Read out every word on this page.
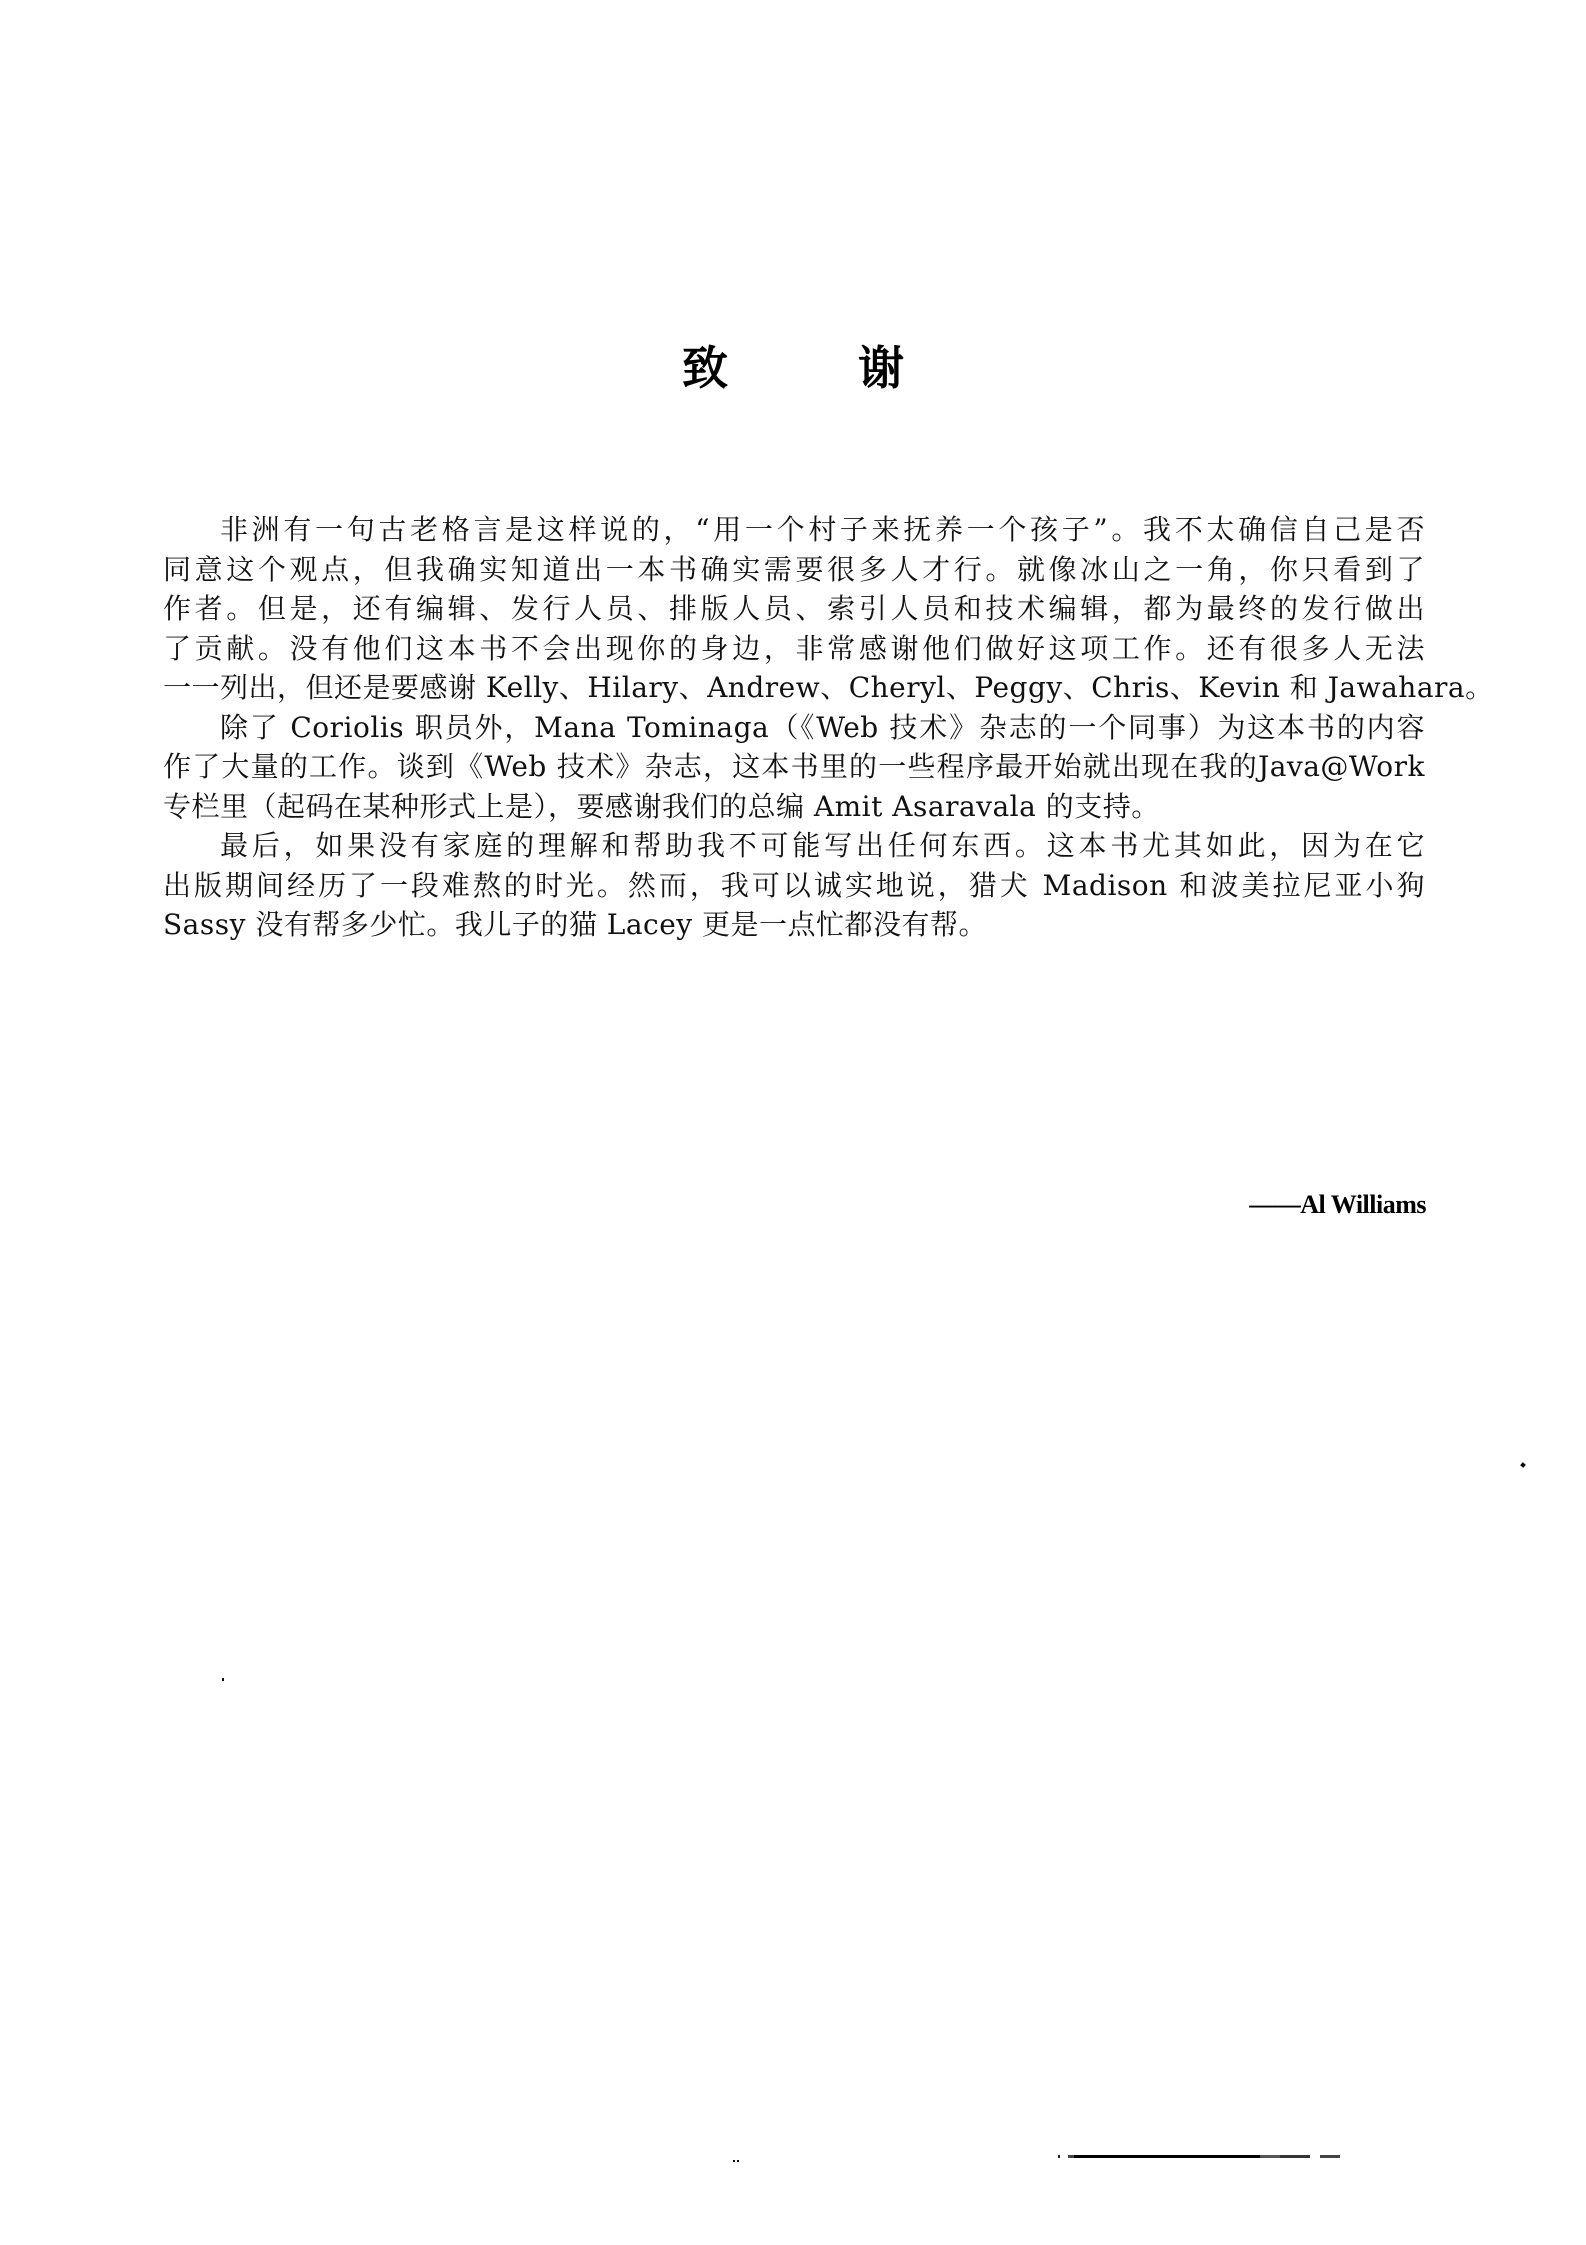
致	谢

非洲有一句古老格言是这样说的，“用一个村子来抚养一个孩子”。我不太确信自己是否
同意这个观点，但我确实知道出一本书确实需要很多人才行。就像冰山之一角，你只看到了
作者。但是，还有编辑、发行人员、排版人员、索引人员和技术编辑，都为最终的发行做出
了贡献。没有他们这本书不会出现你的身边，非常感谢他们做好这项工作。还有很多人无法
一一列出，但还是要感谢 Kelly、Hilary、Andrew、Cheryl、Peggy、Chris、Kevin 和 Jawahara。

除了 Coriolis 职员外，Mana Tominaga（《Web 技术》杂志的一个同事）为这本书的内容
作了大量的工作。谈到《Web 技术》杂志，这本书里的一些程序最开始就出现在我的Java@Work
专栏里（起码在某种形式上是），要感谢我们的总编 Amit Asaravala 的支持。

最后，如果没有家庭的理解和帮助我不可能写出任何东西。这本书尤其如此，因为在它
出版期间经历了一段难熬的时光。然而，我可以诚实地说，猎犬 Madison 和波美拉尼亚小狗
Sassy 没有帮多少忙。我儿子的猫 Lacey 更是一点忙都没有帮。

——Al Williams
